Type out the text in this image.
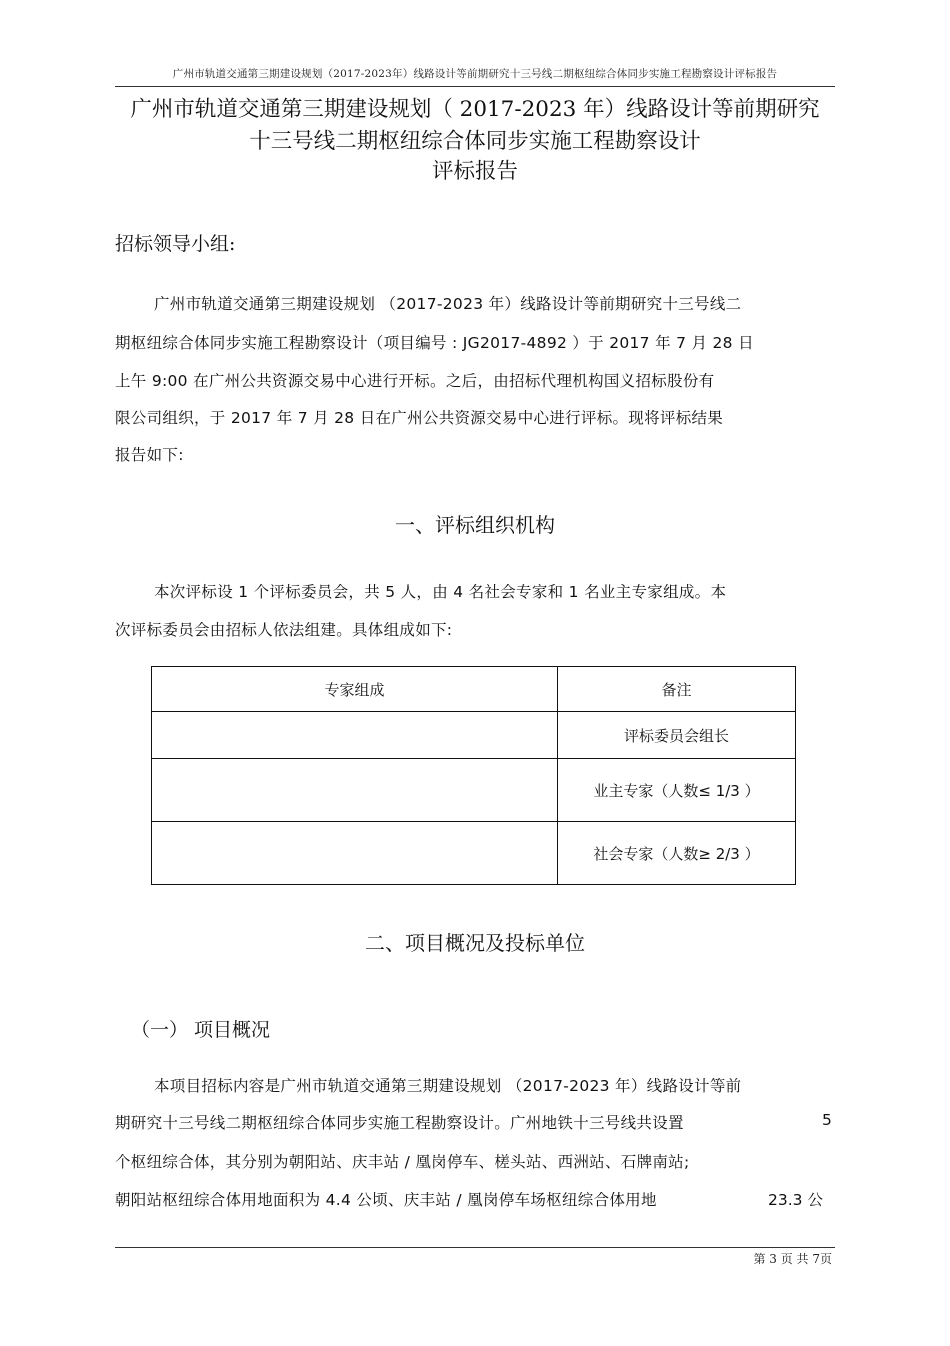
广州市轨道交通第三期建设规划（2017-2023年）线路设计等前期研究十三号线二期枢纽综合体同步实施工程勘察设计评标报告
广州市轨道交通第三期建设规划（ 2017-2023 年）线路设计等前期研究
十三号线二期枢纽综合体同步实施工程勘察设计
评标报告
招标领导小组:
广州市轨道交通第三期建设规划 （2017-2023 年）线路设计等前期研究十三号线二
期枢纽综合体同步实施工程勘察设计（项目编号 : JG2017-4892 ）于 2017 年 7 月 28 日
上午 9:00 在广州公共资源交易中心进行开标。之后，由招标代理机构国义招标股份有
限公司组织，于 2017 年 7 月 28 日在广州公共资源交易中心进行评标。现将评标结果
报告如下:
一、评标组织机构
本次评标设 1 个评标委员会，共 5 人，由 4 名社会专家和 1 名业主专家组成。本
次评标委员会由招标人依法组建。具体组成如下:
专家组成	备注
	评标委员会组长
	业主专家（人数≤ 1/3 ）
	社会专家（人数≥ 2/3 ）
二、项目概况及投标单位
（一） 项目概况
本项目招标内容是广州市轨道交通第三期建设规划 （2017-2023 年）线路设计等前
期研究十三号线二期枢纽综合体同步实施工程勘察设计。广州地铁十三号线共设置	5
个枢纽综合体，其分别为朝阳站、庆丰站 / 凰岗停车、槎头站、西洲站、石牌南站;
朝阳站枢纽综合体用地面积为 4.4 公顷、庆丰站 / 凰岗停车场枢纽综合体用地	23.3 公
第 3 页 共 7页
